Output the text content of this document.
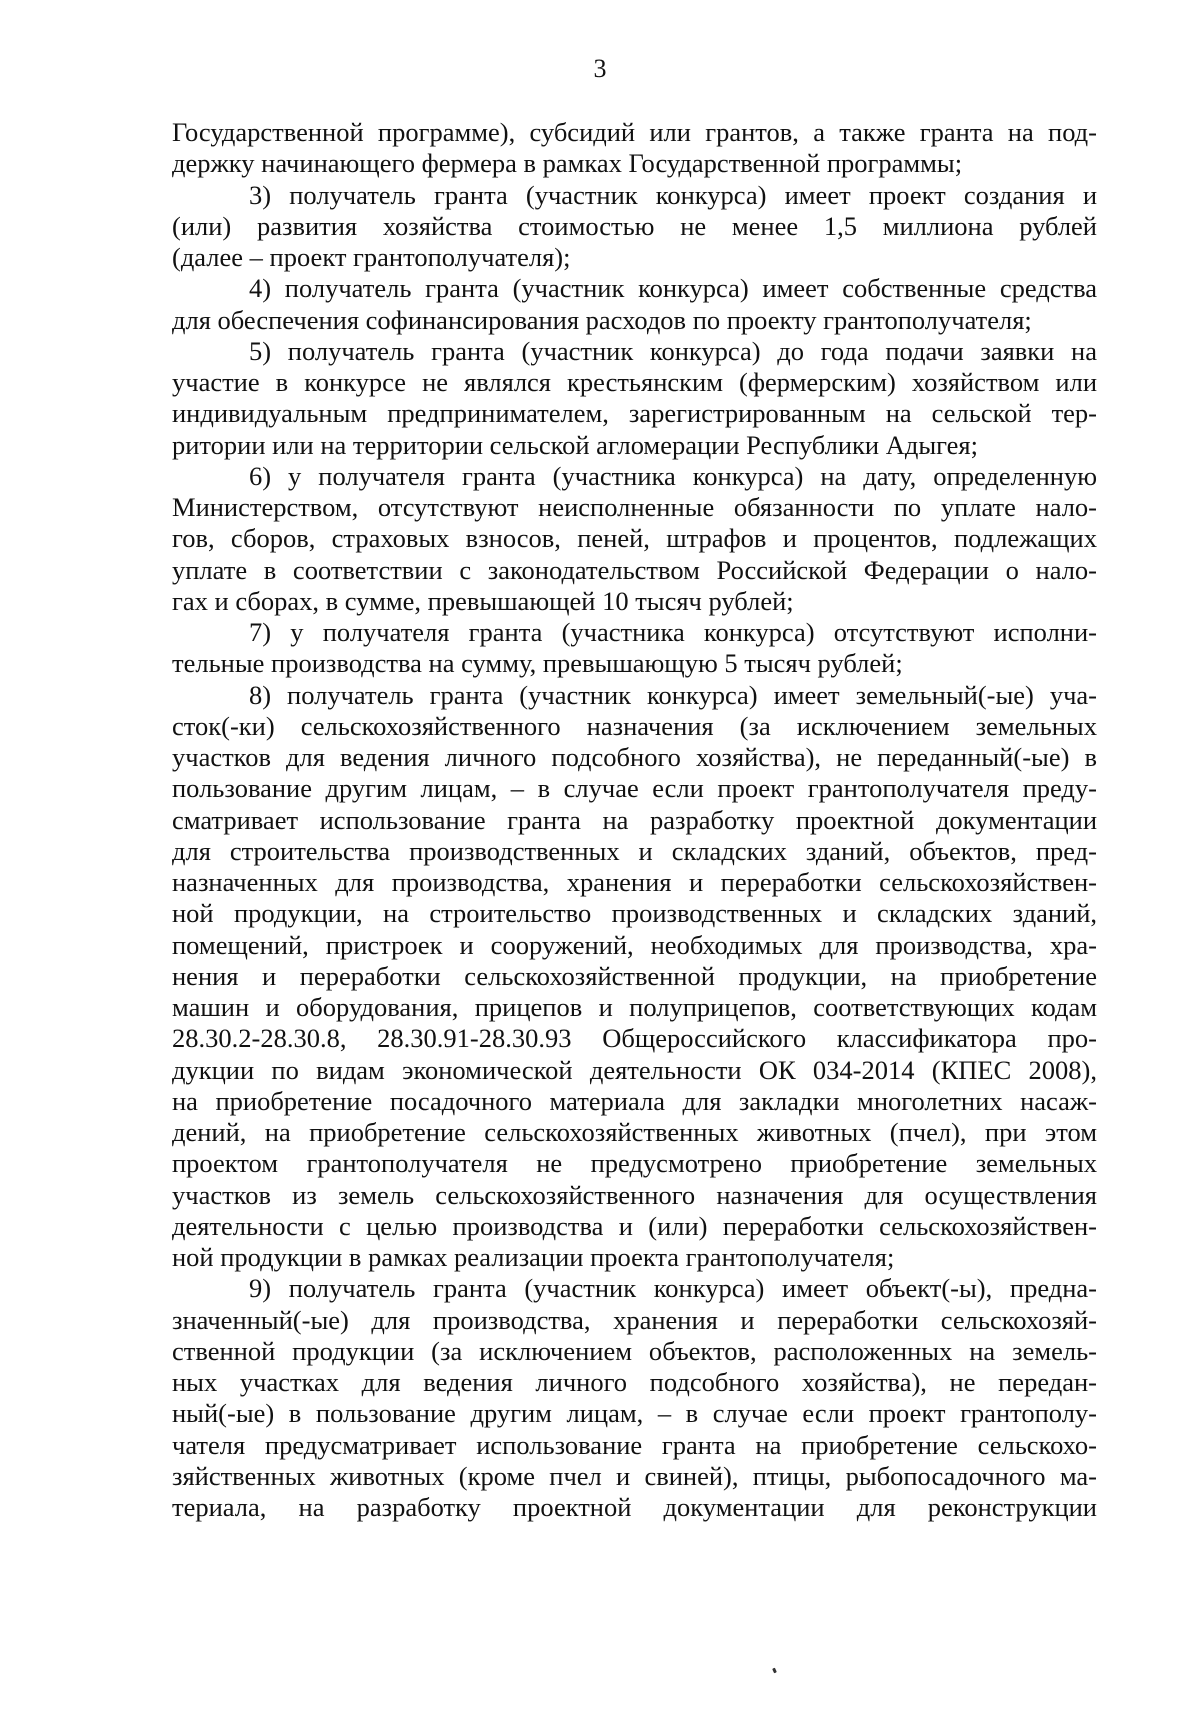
3
Государственной программе), субсидий или грантов, а также гранта на под-
держку начинающего фермера в рамках Государственной программы;
3) получатель гранта (участник конкурса) имеет проект создания и
(или) развития хозяйства стоимостью не менее 1,5 миллиона рублей
(далее – проект грантополучателя);
4) получатель гранта (участник конкурса) имеет собственные средства
для обеспечения софинансирования расходов по проекту грантополучателя;
5) получатель гранта (участник конкурса) до года подачи заявки на
участие в конкурсе не являлся крестьянским (фермерским) хозяйством или
индивидуальным предпринимателем, зарегистрированным на сельской тер-
ритории или на территории сельской агломерации Республики Адыгея;
6) у получателя гранта (участника конкурса) на дату, определенную
Министерством, отсутствуют неисполненные обязанности по уплате нало-
гов, сборов, страховых взносов, пеней, штрафов и процентов, подлежащих
уплате в соответствии с законодательством Российской Федерации о нало-
гах и сборах, в сумме, превышающей 10 тысяч рублей;
7) у получателя гранта (участника конкурса) отсутствуют исполни-
тельные производства на сумму, превышающую 5 тысяч рублей;
8) получатель гранта (участник конкурса) имеет земельный(-ые) уча-
сток(-ки) сельскохозяйственного назначения (за исключением земельных
участков для ведения личного подсобного хозяйства), не переданный(-ые) в
пользование другим лицам, – в случае если проект грантополучателя преду-
сматривает использование гранта на разработку проектной документации
для строительства производственных и складских зданий, объектов, пред-
назначенных для производства, хранения и переработки сельскохозяйствен-
ной продукции, на строительство производственных и складских зданий,
помещений, пристроек и сооружений, необходимых для производства, хра-
нения и переработки сельскохозяйственной продукции, на приобретение
машин и оборудования, прицепов и полуприцепов, соответствующих кодам
28.30.2-28.30.8, 28.30.91-28.30.93 Общероссийского классификатора про-
дукции по видам экономической деятельности ОК 034-2014 (КПЕС 2008),
на приобретение посадочного материала для закладки многолетних насаж-
дений, на приобретение сельскохозяйственных животных (пчел), при этом
проектом грантополучателя не предусмотрено приобретение земельных
участков из земель сельскохозяйственного назначения для осуществления
деятельности с целью производства и (или) переработки сельскохозяйствен-
ной продукции в рамках реализации проекта грантополучателя;
9) получатель гранта (участник конкурса) имеет объект(-ы), предна-
значенный(-ые) для производства, хранения и переработки сельскохозяй-
ственной продукции (за исключением объектов, расположенных на земель-
ных участках для ведения личного подсобного хозяйства), не передан-
ный(-ые) в пользование другим лицам, – в случае если проект грантополу-
чателя предусматривает использование гранта на приобретение сельскохо-
зяйственных животных (кроме пчел и свиней), птицы, рыбопосадочного ма-
териала, на разработку проектной документации для реконструкции
